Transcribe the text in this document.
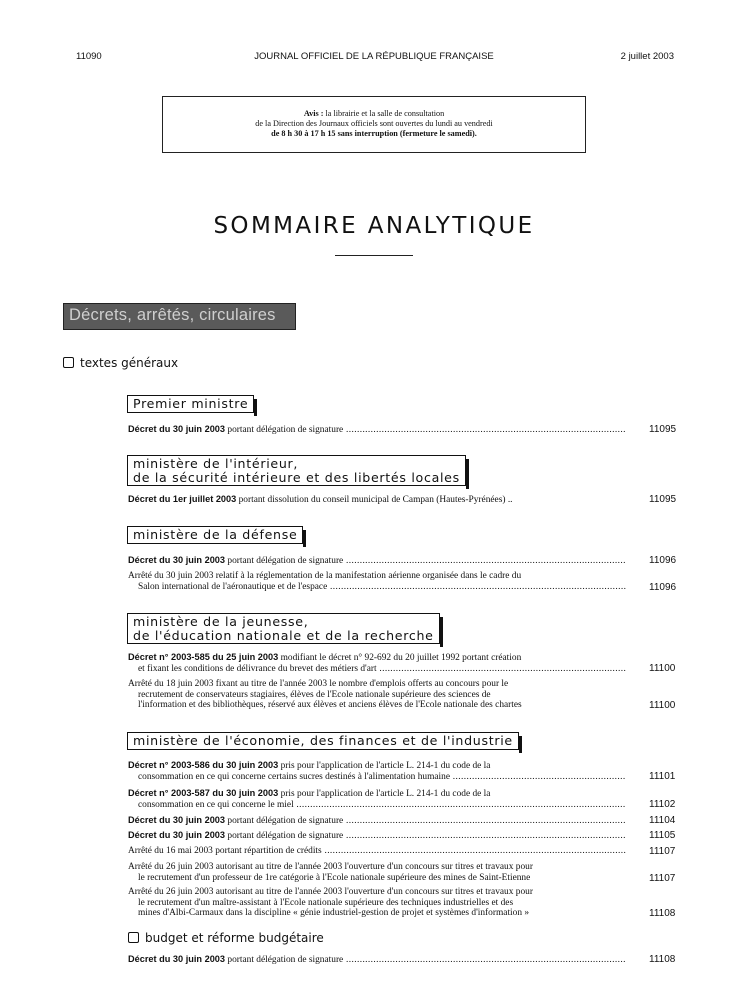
11090	JOURNAL OFFICIEL DE LA RÉPUBLIQUE FRANÇAISE	2 juillet 2003
Avis : la librairie et la salle de consultation
de la Direction des Journaux officiels sont ouvertes du lundi au vendredi
de 8 h 30 à 17 h 15 sans interruption (fermeture le samedi).
SOMMAIRE ANALYTIQUE
Décrets, arrêtés, circulaires
textes généraux
Premier ministre
Décret du 30 juin 2003 portant délégation de signature .....	11095
ministère de l'intérieur,
de la sécurité intérieure et des libertés locales
Décret du 1er juillet 2003 portant dissolution du conseil municipal de Campan (Hautes-Pyrénées) ..	11095
ministère de la défense
Décret du 30 juin 2003 portant délégation de signature .....	11096
Arrêté du 30 juin 2003 relatif à la réglementation de la manifestation aérienne organisée dans le cadre du
Salon international de l'aéronautique et de l'espace .....	11096
ministère de la jeunesse,
de l'éducation nationale et de la recherche
Décret n° 2003-585 du 25 juin 2003 modifiant le décret n° 92-692 du 20 juillet 1992 portant création
et fixant les conditions de délivrance du brevet des métiers d'art .....	11100
Arrêté du 18 juin 2003 fixant au titre de l'année 2003 le nombre d'emplois offerts au concours pour le
recrutement de conservateurs stagiaires, élèves de l'Ecole nationale supérieure des sciences de
l'information et des bibliothèques, réservé aux élèves et anciens élèves de l'Ecole nationale des chartes	11100
ministère de l'économie, des finances et de l'industrie
Décret n° 2003-586 du 30 juin 2003 pris pour l'application de l'article L. 214-1 du code de la
consommation en ce qui concerne certains sucres destinés à l'alimentation humaine .....	11101
Décret n° 2003-587 du 30 juin 2003 pris pour l'application de l'article L. 214-1 du code de la
consommation en ce qui concerne le miel .....	11102
Décret du 30 juin 2003 portant délégation de signature .....	11104
Décret du 30 juin 2003 portant délégation de signature .....	11105
Arrêté du 16 mai 2003 portant répartition de crédits .....	11107
Arrêté du 26 juin 2003 autorisant au titre de l'année 2003 l'ouverture d'un concours sur titres et travaux pour
le recrutement d'un professeur de 1re catégorie à l'Ecole nationale supérieure des mines de Saint-Etienne	11107
Arrêté du 26 juin 2003 autorisant au titre de l'année 2003 l'ouverture d'un concours sur titres et travaux pour
le recrutement d'un maître-assistant à l'Ecole nationale supérieure des techniques industrielles et des
mines d'Albi-Carmaux dans la discipline « génie industriel-gestion de projet et systèmes d'information »	11108
budget et réforme budgétaire
Décret du 30 juin 2003 portant délégation de signature .....	11108
